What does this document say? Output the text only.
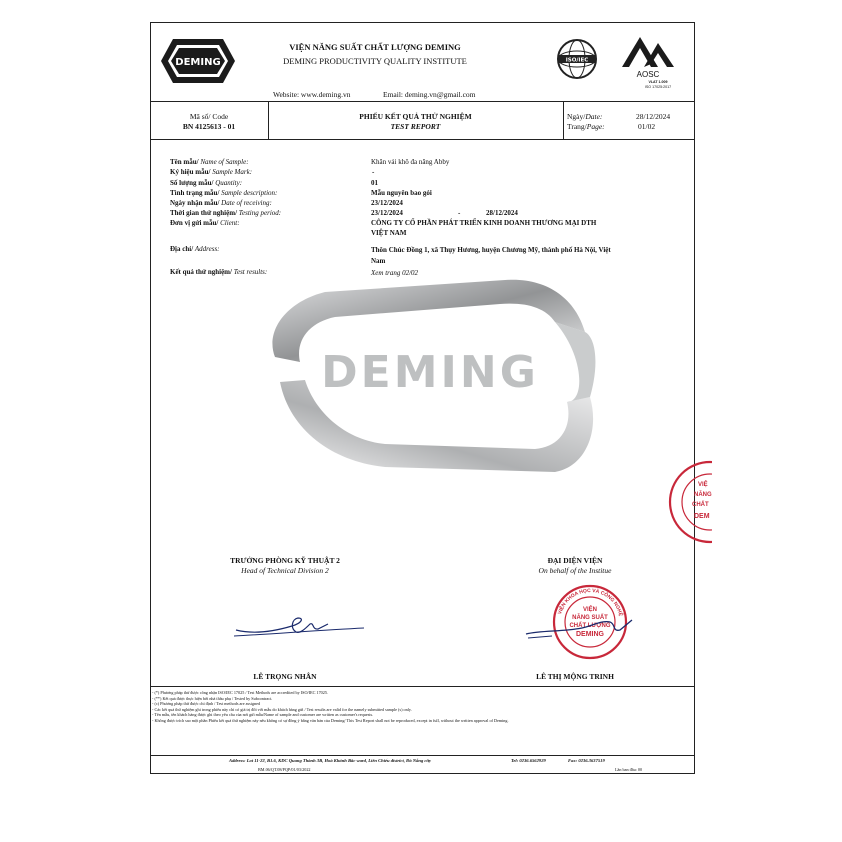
DEMING
DEMING
VIỆN NĂNG SUẤT CHẤT LƯỢNG DEMING
DEMING PRODUCTIVITY QUALITY INSTITUTE	ISO/IEC
AOSC
VLAT 1.009
ISO 17025:2017
Website: www.deming.vn	Email: deming.vn@gmail.com
Mã số/ Code
BN 4125613 - 01
PHIẾU KẾT QUẢ THỬ NGHIỆM
TEST REPORT
Ngày/Date:	28/12/2024
Trang/Page:	01/02
Tên mẫu/ Name of Sample:	Khăn vải khô đa năng Abby
Ký hiệu mẫu/ Sample Mark:	-
Số lượng mẫu/ Quantity:	01
Tình trạng mẫu/ Sample description:	Mẫu nguyên bao gói
Ngày nhận mẫu/ Date of receiving:	23/12/2024
Thời gian thử nghiệm/ Testing period:	23/12/2024	-	28/12/2024
Đơn vị gửi mẫu/ Client:	CÔNG TY CỔ PHẦN PHÁT TRIỂN KINH DOANH THƯƠNG MẠI DTH
VIỆT NAM
Địa chỉ/ Address:	Thôn Chúc Đồng 1, xã Thụy Hương, huyện Chương Mỹ, thành phố Hà Nội, Việt
Nam
Kết quả thử nghiệm/ Test results:	Xem trang 02/02
TRƯỞNG PHÒNG KỸ THUẬT 2
Head of Technical Division 2
LÊ TRỌNG NHÂN
ĐẠI DIỆN VIỆN
On behalf of the Institue
VIỆN KHOA HỌC VÀ CÔNG NGHỆ
VIỆN
NĂNG SUẤT
CHẤT LƯỢNG
DEMING
LÊ THỊ MỘNG TRINH
VIỆ
NĂNG
CHẤT
DEM
- (*) Phương pháp thử được công nhận ISO/IEC 17025 / Test Methods are accredited by ISO/IEC 17025.
- (**) Kết quả được thực hiện bởi nhà thầu phụ / Tested by Subcontract.
- (c) Phương pháp thử được chỉ định / Test methods are assigned
- Các kết quả thử nghiệm ghi trong phiếu này chỉ có giá trị đối với mẫu do khách hàng gửi / Test results are valid for the namely submitted sample (s) only.
- Tên mẫu, tên khách hàng được ghi theo yêu cầu của nơi gửi mẫu/Name of sample and customer are written as customer's requests.
- Không được trích sao một phần Phiếu kết quả thử nghiệm này nếu không có sự đồng ý bằng văn bản của Deming/ This Test Report shall not be reproduced, except in full, without the written approval of Deming.
Address: Lot 11-22, B1.6, KDC Quang Thành 3B, Hoà Khánh Bắc ward, Liên Chiểu district, Đà Nẵng city	Tel: 0236.6562929	Fax: 0236.3637519
BM.06/QT.08/PQP/01/03/2022	Lần ban đầu: 00
